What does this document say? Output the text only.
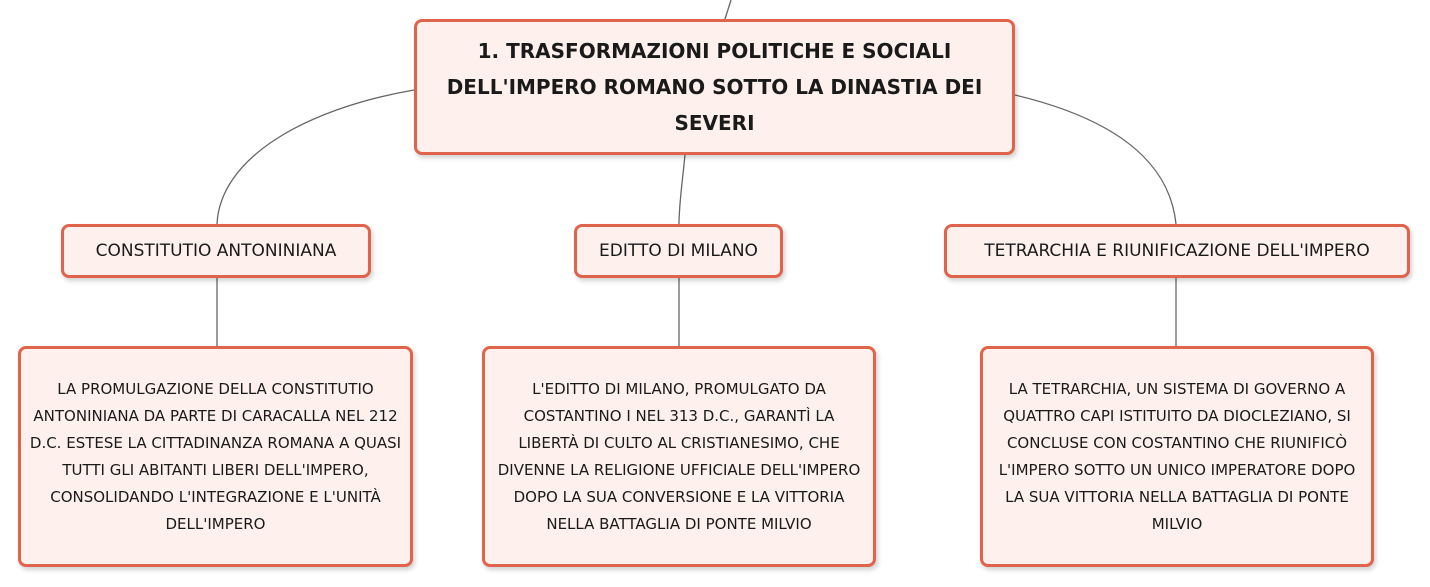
1. TRASFORMAZIONI POLITICHE E SOCIALI DELL'IMPERO ROMANO SOTTO LA DINASTIA DEI SEVERI
CONSTITUTIO ANTONINIANA	EDITTO DI MILANO	TETRARCHIA E RIUNIFICAZIONE DELL'IMPERO
LA PROMULGAZIONE DELLA CONSTITUTIO ANTONINIANA DA PARTE DI CARACALLA NEL 212 D.C. ESTESE LA CITTADINANZA ROMANA A QUASI TUTTI GLI ABITANTI LIBERI DELL'IMPERO, CONSOLIDANDO L'INTEGRAZIONE E L'UNITÀ DELL'IMPERO
L'EDITTO DI MILANO, PROMULGATO DA COSTANTINO I NEL 313 D.C., GARANTÌ LA LIBERTÀ DI CULTO AL CRISTIANESIMO, CHE DIVENNE LA RELIGIONE UFFICIALE DELL'IMPERO DOPO LA SUA CONVERSIONE E LA VITTORIA NELLA BATTAGLIA DI PONTE MILVIO
LA TETRARCHIA, UN SISTEMA DI GOVERNO A QUATTRO CAPI ISTITUITO DA DIOCLEZIANO, SI CONCLUSE CON COSTANTINO CHE RIUNIFICÒ L'IMPERO SOTTO UN UNICO IMPERATORE DOPO LA SUA VITTORIA NELLA BATTAGLIA DI PONTE MILVIO
